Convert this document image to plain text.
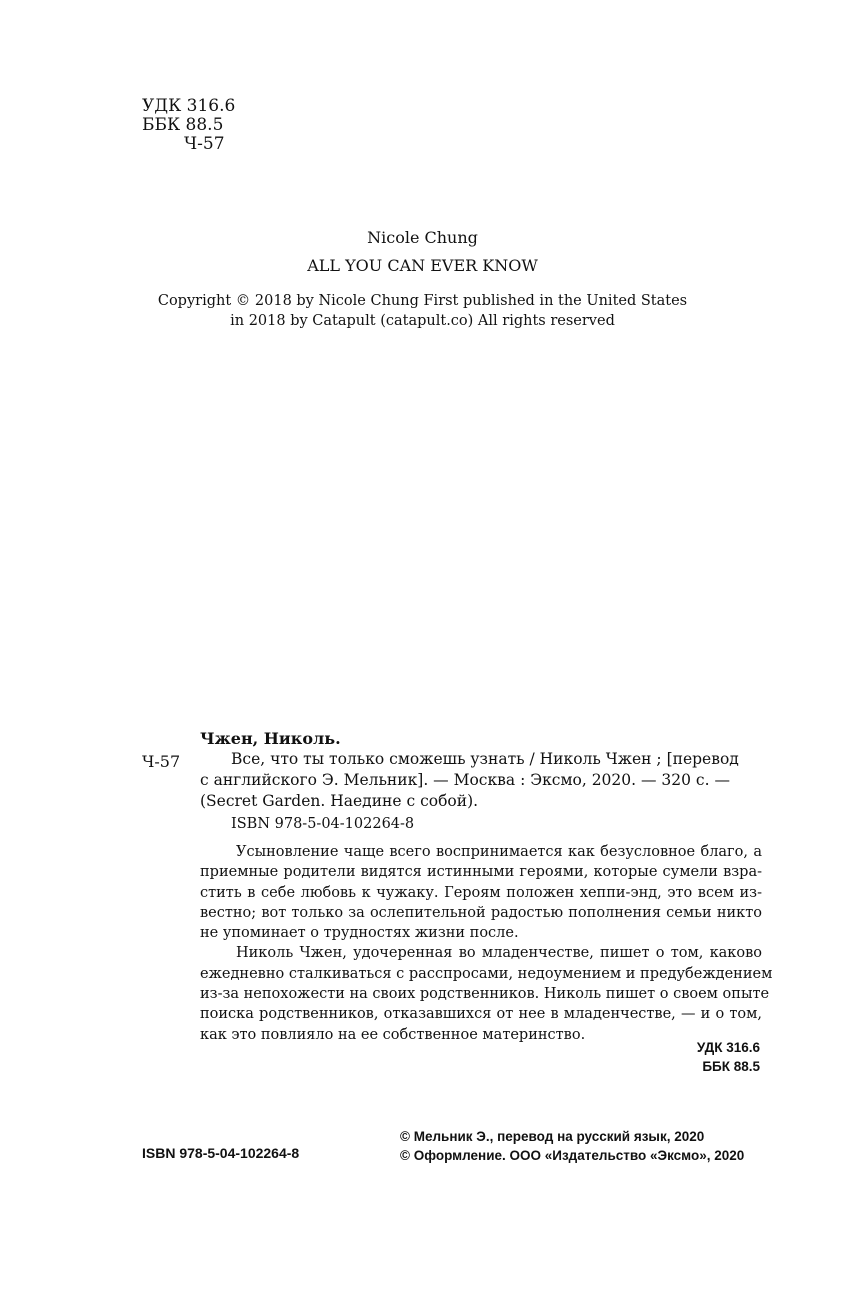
УДК 316.6
ББК 88.5
Ч-57
Nicole Chung
ALL YOU CAN EVER KNOW
Copyright © 2018 by Nicole Chung First published in the United States
in 2018 by Catapult (catapult.co) All rights reserved
Чжен, Николь.
Ч-57	Все, что ты только сможешь узнать / Николь Чжен ; [перевод
с английского Э. Мельник]. — Москва : Эксмо, 2020. — 320 с. —
(Secret Garden. Наедине с собой).
ISBN 978-5-04-102264-8
Усыновление чаще всего воспринимается как безусловное благо, а
приемные родители видятся истинными героями, которые сумели взра-
стить в себе любовь к чужаку. Героям положен хеппи-энд, это всем из-
вестно; вот только за ослепительной радостью пополнения семьи никто
не упоминает о трудностях жизни после.
Николь Чжен, удочеренная во младенчестве, пишет о том, каково
ежедневно сталкиваться с расспросами, недоумением и предубеждением
из-за непохожести на своих родственников. Николь пишет о своем опыте
поиска родственников, отказавшихся от нее в младенчестве, — и о том,
как это повлияло на ее собственное материнство.
УДК 316.6
ББК 88.5
ISBN 978-5-04-102264-8
© Мельник Э., перевод на русский язык, 2020
© Оформление. ООО «Издательство «Эксмо», 2020
